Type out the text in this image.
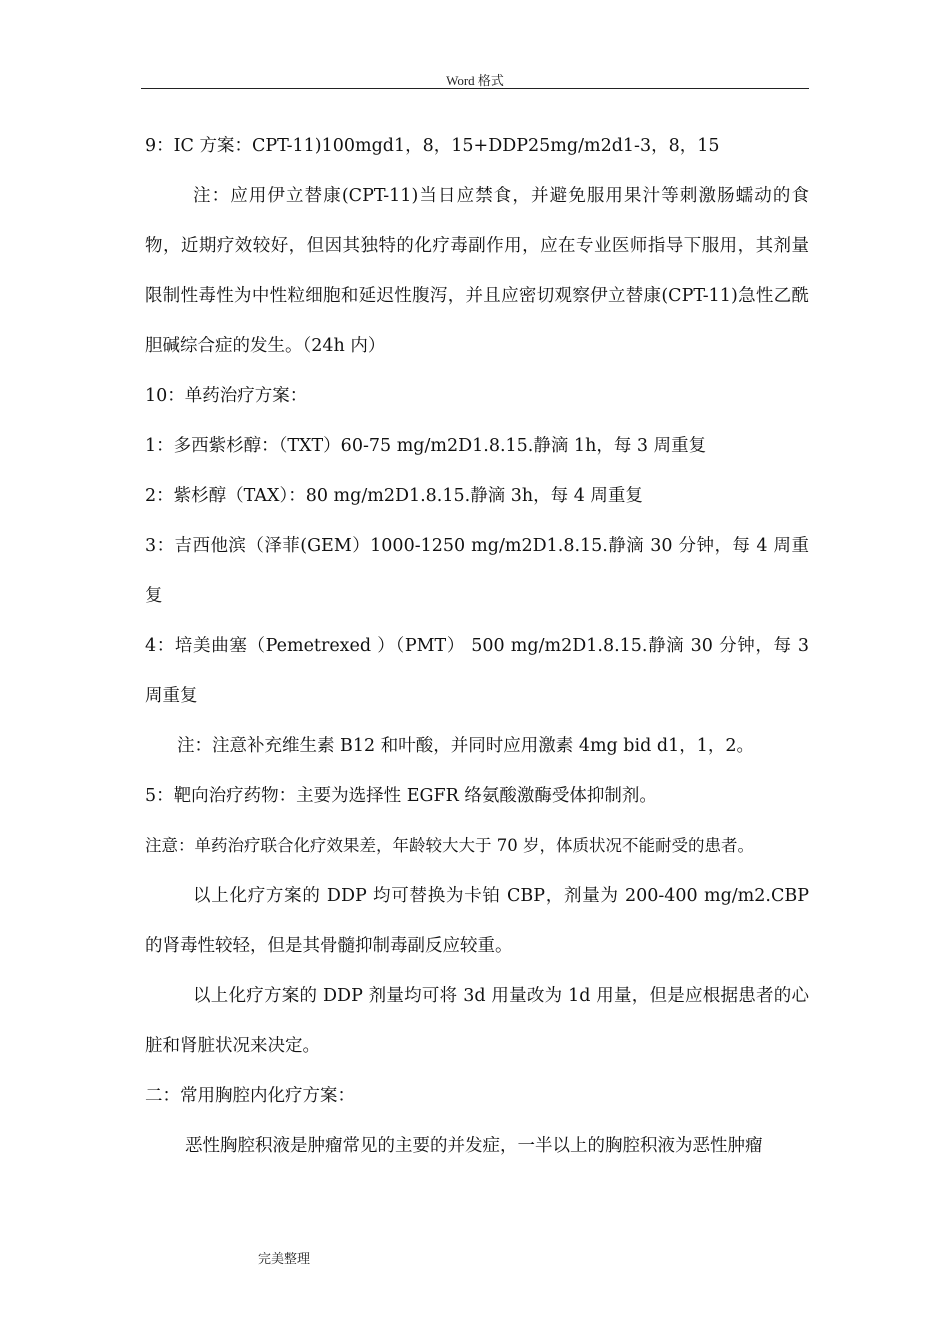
Word 格式

9：IC 方案：CPT-11)100mgd1，8，15+DDP25mg/m2d1-3，8，15

注：应用伊立替康(CPT-11)当日应禁食，并避免服用果汁等刺激肠蠕动的食物，近期疗效较好，但因其独特的化疗毒副作用，应在专业医师指导下服用，其剂量限制性毒性为中性粒细胞和延迟性腹泻，并且应密切观察伊立替康(CPT-11)急性乙酰胆碱综合症的发生。（24h 内）

10：单药治疗方案：

1：多西紫杉醇：（TXT）60-75 mg/m2D1.8.15.静滴 1h，每 3 周重复

2：紫杉醇（TAX）：80 mg/m2D1.8.15.静滴 3h，每 4 周重复

3：吉西他滨（泽菲(GEM）1000-1250 mg/m2D1.8.15.静滴 30 分钟，每 4 周重复

4：培美曲塞（Pemetrexed ）（PMT） 500 mg/m2D1.8.15.静滴 30 分钟，每 3 周重复

注：注意补充维生素 B12 和叶酸，并同时应用激素 4mg bid d1，1，2。

5：靶向治疗药物：主要为选择性 EGFR 络氨酸激酶受体抑制剂。

注意：单药治疗联合化疗效果差，年龄较大大于 70 岁，体质状况不能耐受的患者。

以上化疗方案的 DDP 均可替换为卡铂 CBP，剂量为 200-400 mg/m2.CBP 的肾毒性较轻，但是其骨髓抑制毒副反应较重。

以上化疗方案的 DDP 剂量均可将 3d 用量改为 1d 用量，但是应根据患者的心脏和肾脏状况来决定。

二：常用胸腔内化疗方案：

恶性胸腔积液是肿瘤常见的主要的并发症，一半以上的胸腔积液为恶性肿瘤

完美整理
